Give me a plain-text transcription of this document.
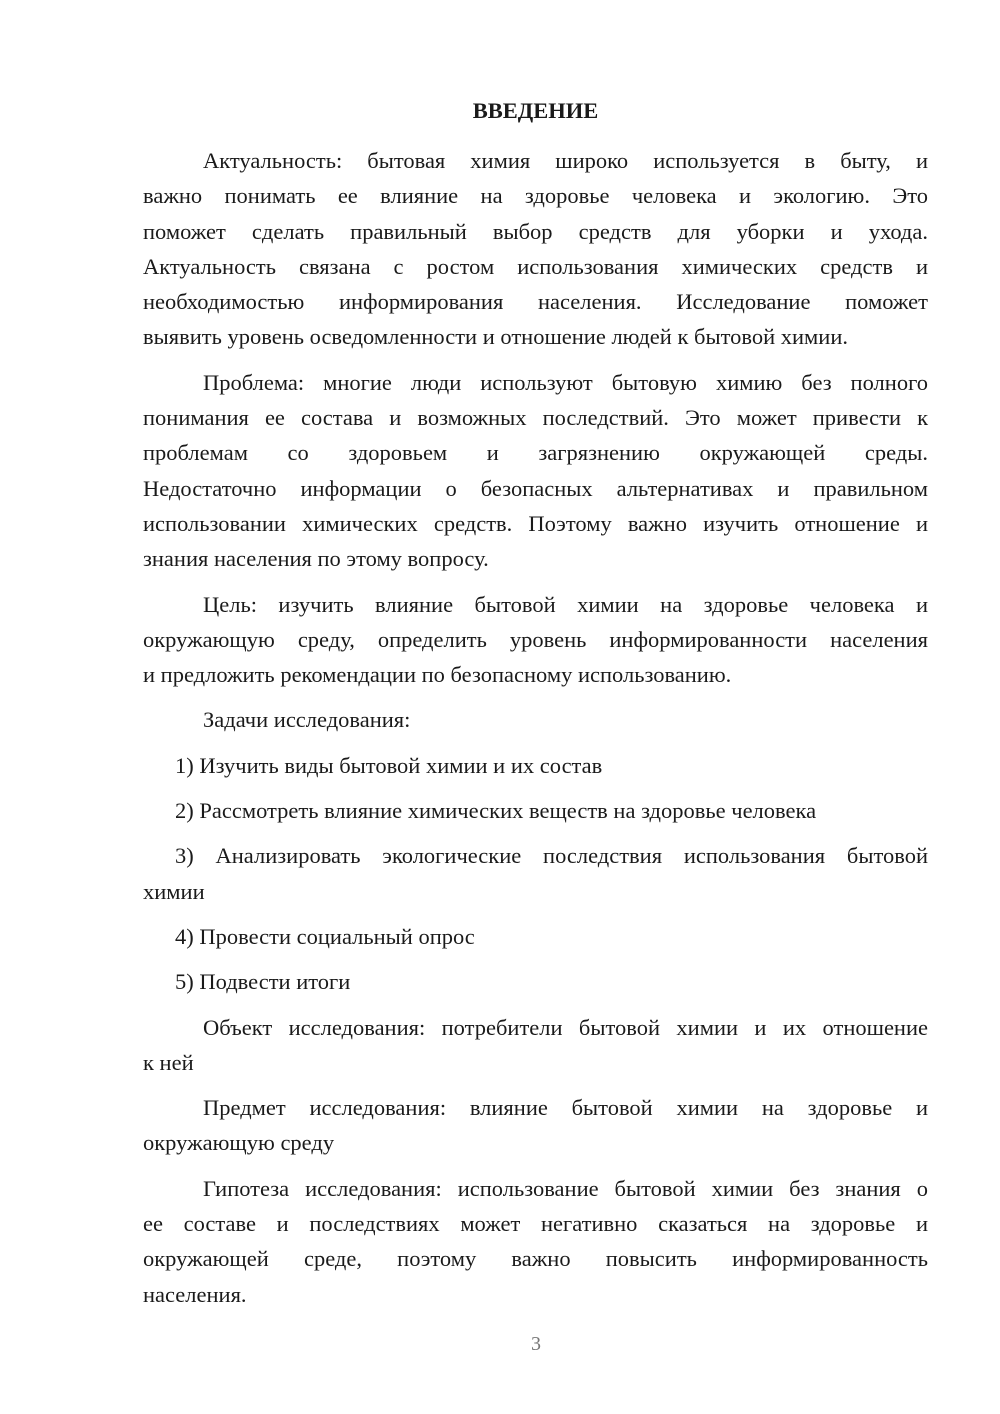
ВВЕДЕНИЕ
Актуальность: бытовая химия широко используется в быту, и
важно понимать ее влияние на здоровье человека и экологию. Это
поможет сделать правильный выбор средств для уборки и ухода.
Актуальность связана с ростом использования химических средств и
необходимостью информирования населения. Исследование поможет
выявить уровень осведомленности и отношение людей к бытовой химии.
Проблема: многие люди используют бытовую химию без полного
понимания ее состава и возможных последствий. Это может привести к
проблемам со здоровьем и загрязнению окружающей среды.
Недостаточно информации о безопасных альтернативах и правильном
использовании химических средств. Поэтому важно изучить отношение и
знания населения по этому вопросу.
Цель: изучить влияние бытовой химии на здоровье человека и
окружающую среду, определить уровень информированности населения
и предложить рекомендации по безопасному использованию.
Задачи исследования:
1) Изучить виды бытовой химии и их состав
2) Рассмотреть влияние химических веществ на здоровье человека
3) Анализировать экологические последствия использования бытовой
химии
4) Провести социальный опрос
5) Подвести итоги
Объект исследования: потребители бытовой химии и их отношение
к ней
Предмет исследования: влияние бытовой химии на здоровье и
окружающую среду
Гипотеза исследования: использование бытовой химии без знания о
ее составе и последствиях может негативно сказаться на здоровье и
окружающей среде, поэтому важно повысить информированность
населения.
3
